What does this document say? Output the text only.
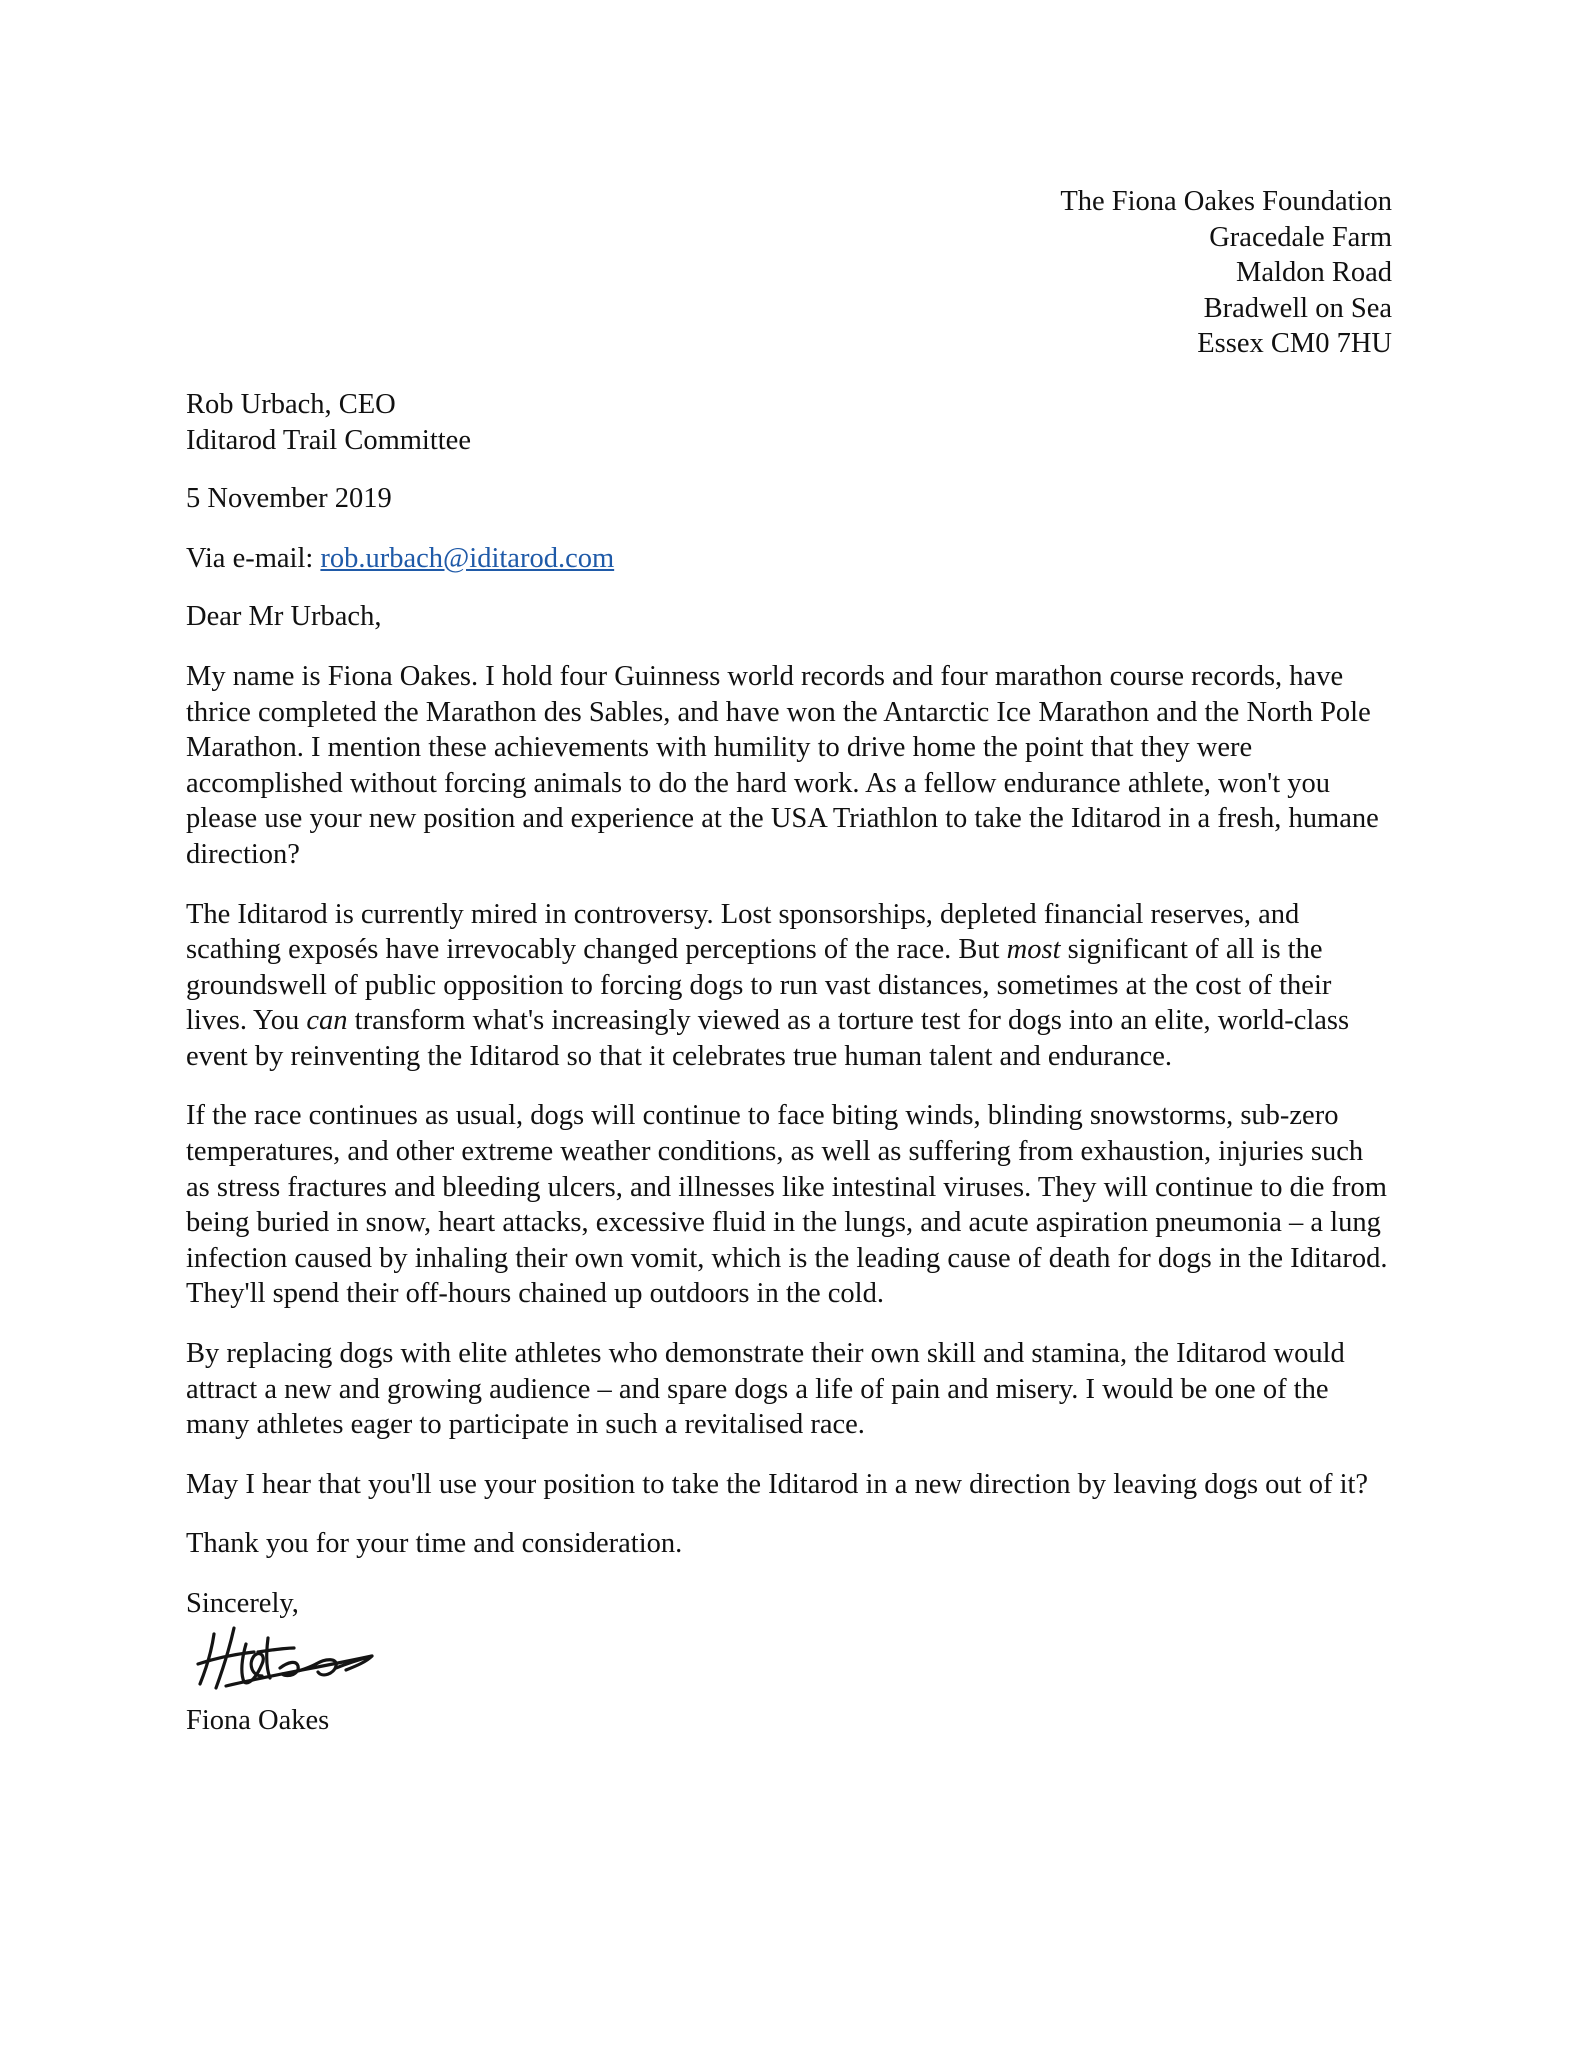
The Fiona Oakes Foundation
Gracedale Farm
Maldon Road
Bradwell on Sea
Essex CM0 7HU
Rob Urbach, CEO
Iditarod Trail Committee
5 November 2019
Via e-mail: rob.urbach@iditarod.com
Dear Mr Urbach,

My name is Fiona Oakes. I hold four Guinness world records and four marathon course records, have thrice completed the Marathon des Sables, and have won the Antarctic Ice Marathon and the North Pole Marathon. I mention these achievements with humility to drive home the point that they were accomplished without forcing animals to do the hard work. As a fellow endurance athlete, won't you please use your new position and experience at the USA Triathlon to take the Iditarod in a fresh, humane direction?

The Iditarod is currently mired in controversy. Lost sponsorships, depleted financial reserves, and scathing exposés have irrevocably changed perceptions of the race. But most significant of all is the groundswell of public opposition to forcing dogs to run vast distances, sometimes at the cost of their lives. You can transform what's increasingly viewed as a torture test for dogs into an elite, world-class event by reinventing the Iditarod so that it celebrates true human talent and endurance.

If the race continues as usual, dogs will continue to face biting winds, blinding snowstorms, sub-zero temperatures, and other extreme weather conditions, as well as suffering from exhaustion, injuries such as stress fractures and bleeding ulcers, and illnesses like intestinal viruses. They will continue to die from being buried in snow, heart attacks, excessive fluid in the lungs, and acute aspiration pneumonia – a lung infection caused by inhaling their own vomit, which is the leading cause of death for dogs in the Iditarod. They'll spend their off-hours chained up outdoors in the cold.

By replacing dogs with elite athletes who demonstrate their own skill and stamina, the Iditarod would attract a new and growing audience – and spare dogs a life of pain and misery. I would be one of the many athletes eager to participate in such a revitalised race.

May I hear that you'll use your position to take the Iditarod in a new direction by leaving dogs out of it?

Thank you for your time and consideration.

Sincerely,
Fiona Oakes
